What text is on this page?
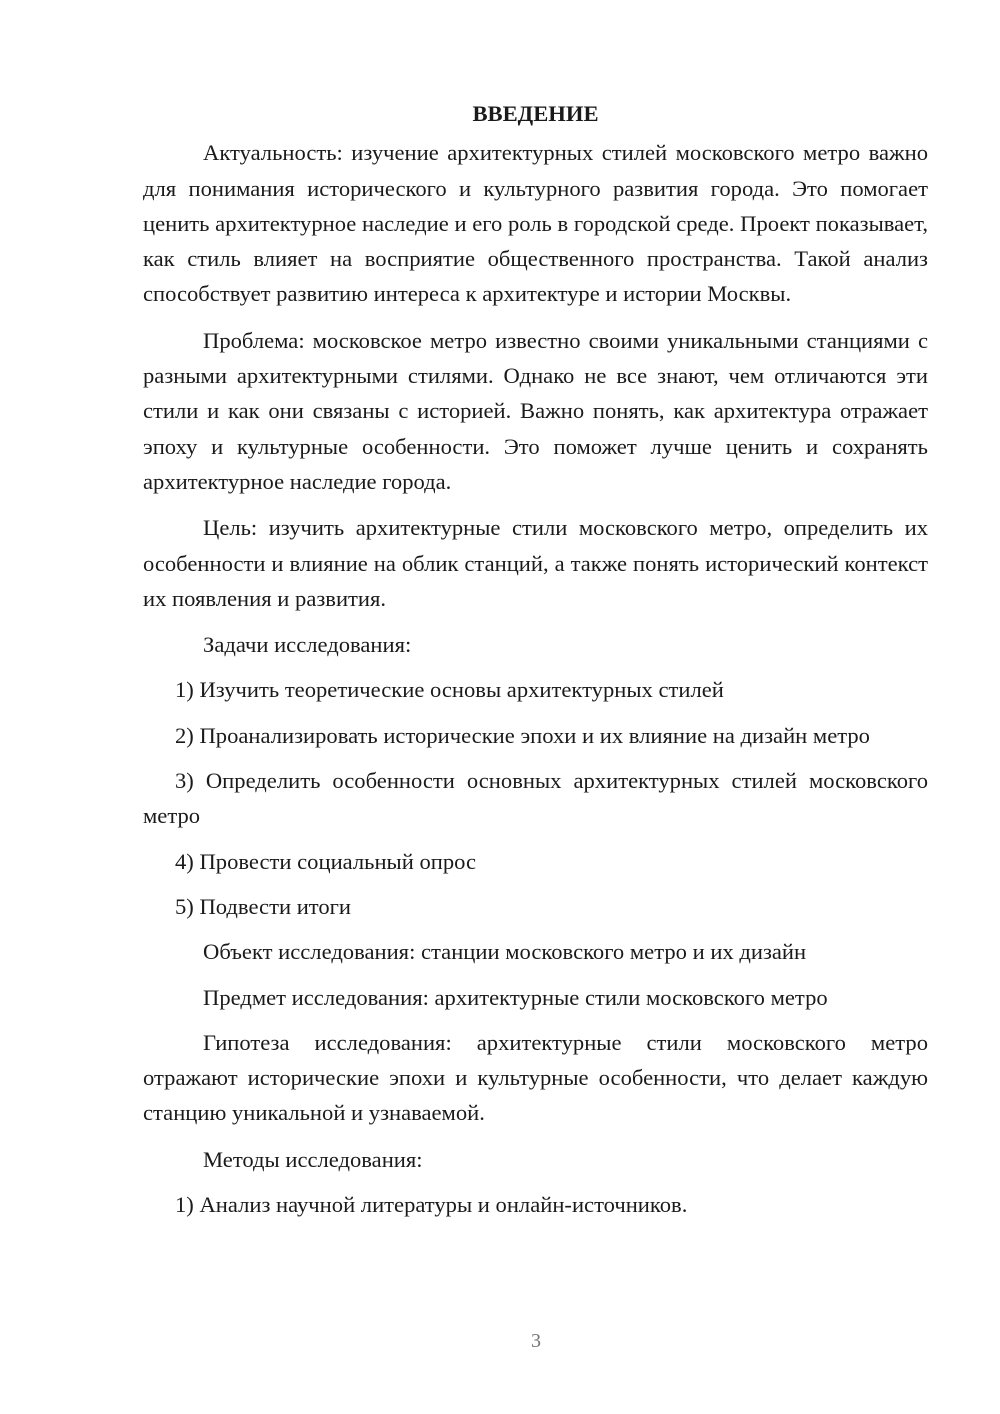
ВВЕДЕНИЕ

Актуальность: изучение архитектурных стилей московского метро важно для понимания исторического и культурного развития города. Это помогает ценить архитектурное наследие и его роль в городской среде. Проект показывает, как стиль влияет на восприятие общественного пространства. Такой анализ способствует развитию интереса к архитектуре и истории Москвы.

Проблема: московское метро известно своими уникальными станциями с разными архитектурными стилями. Однако не все знают, чем отличаются эти стили и как они связаны с историей. Важно понять, как архитектура отражает эпоху и культурные особенности. Это поможет лучше ценить и сохранять архитектурное наследие города.

Цель: изучить архитектурные стили московского метро, определить их особенности и влияние на облик станций, а также понять исторический контекст их появления и развития.

Задачи исследования:

1) Изучить теоретические основы архитектурных стилей

2) Проанализировать исторические эпохи и их влияние на дизайн метро

3) Определить особенности основных архитектурных стилей московского метро

4) Провести социальный опрос

5) Подвести итоги

Объект исследования: станции московского метро и их дизайн

Предмет исследования: архитектурные стили московского метро

Гипотеза исследования: архитектурные стили московского метро отражают исторические эпохи и культурные особенности, что делает каждую станцию уникальной и узнаваемой.

Методы исследования:

1) Анализ научной литературы и онлайн-источников.

3
